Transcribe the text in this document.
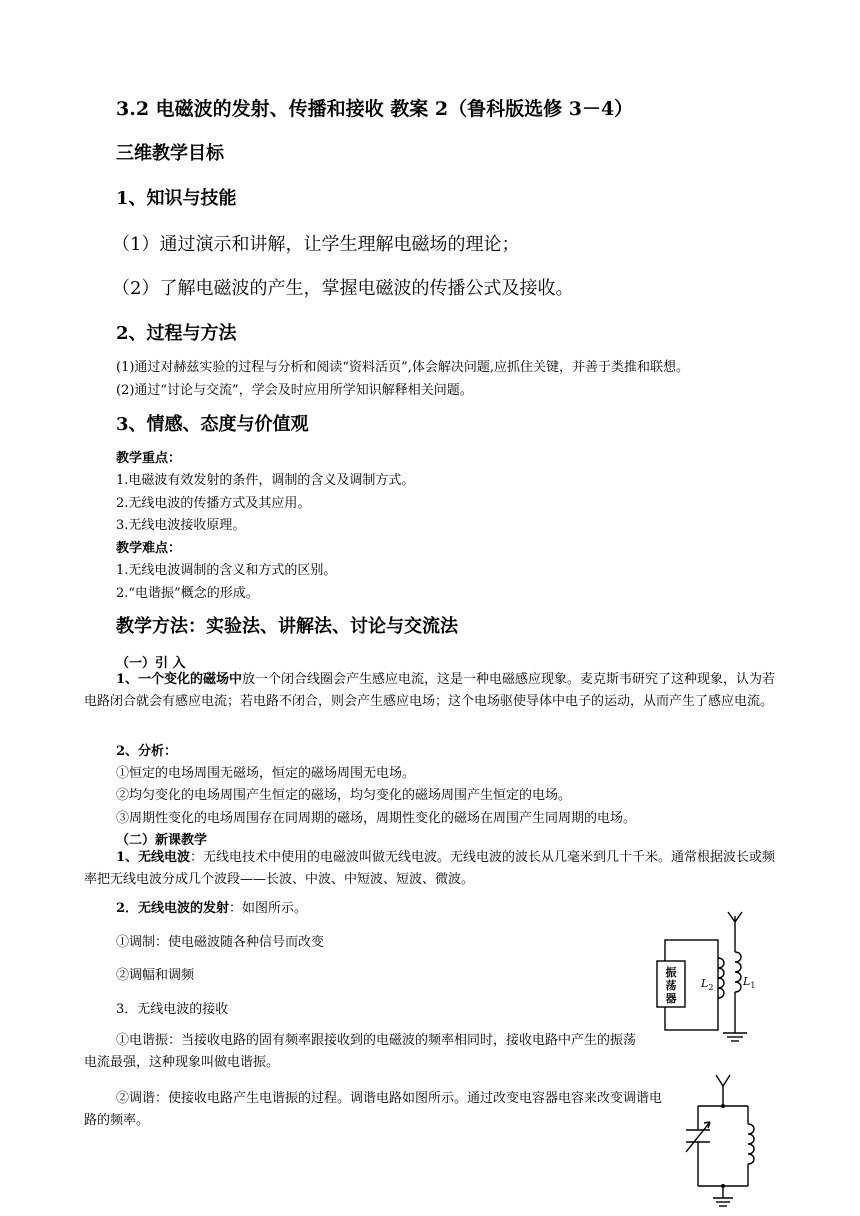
3.2 电磁波的发射、传播和接收 教案 2（鲁科版选修 3－4）

三维教学目标

1、知识与技能

（1）通过演示和讲解，让学生理解电磁场的理论；

（2）了解电磁波的产生，掌握电磁波的传播公式及接收。

2、过程与方法

(1)通过对赫兹实验的过程与分析和阅读“资料活页”,体会解决问题,应抓住关键，并善于类推和联想。

(2)通过“讨论与交流”，学会及时应用所学知识解释相关问题。

3、情感、态度与价值观

教学重点：

1.电磁波有效发射的条件，调制的含义及调制方式。

2.无线电波的传播方式及其应用。

3.无线电波接收原理。

教学难点：

1.无线电波调制的含义和方式的区别。

2.“电谐振”概念的形成。

教学方法：实验法、讲解法、讨论与交流法

（一）引 入

1、一个变化的磁场中放一个闭合线圈会产生感应电流，这是一种电磁感应现象。麦克斯韦研究了这种现象，认为若电路闭合就会有感应电流；若电路不闭合，则会产生感应电场；这个电场驱使导体中电子的运动，从而产生了感应电流。

2、分析：

①恒定的电场周围无磁场，恒定的磁场周围无电场。

②均匀变化的电场周围产生恒定的磁场，均匀变化的磁场周围产生恒定的电场。

③周期性变化的电场周围存在同周期的磁场，周期性变化的磁场在周围产生同周期的电场。

（二）新课教学

1、无线电波：无线电技术中使用的电磁波叫做无线电波。无线电波的波长从几毫米到几十千米。通常根据波长或频率把无线电波分成几个波段——长波、中波、中短波、短波、微波。

2．无线电波的发射：如图所示。

①调制：使电磁波随各种信号而改变

②调幅和调频

3．无线电波的接收

①电谐振：当接收电路的固有频率跟接收到的电磁波的频率相同时，接收电路中产生的振荡电流最强，这种现象叫做电谐振。

②调谐：使接收电路产生电谐振的过程。调谐电路如图所示。通过改变电容器电容来改变调谐电路的频率。

振
荡
器
$L_2$	$L_1$
